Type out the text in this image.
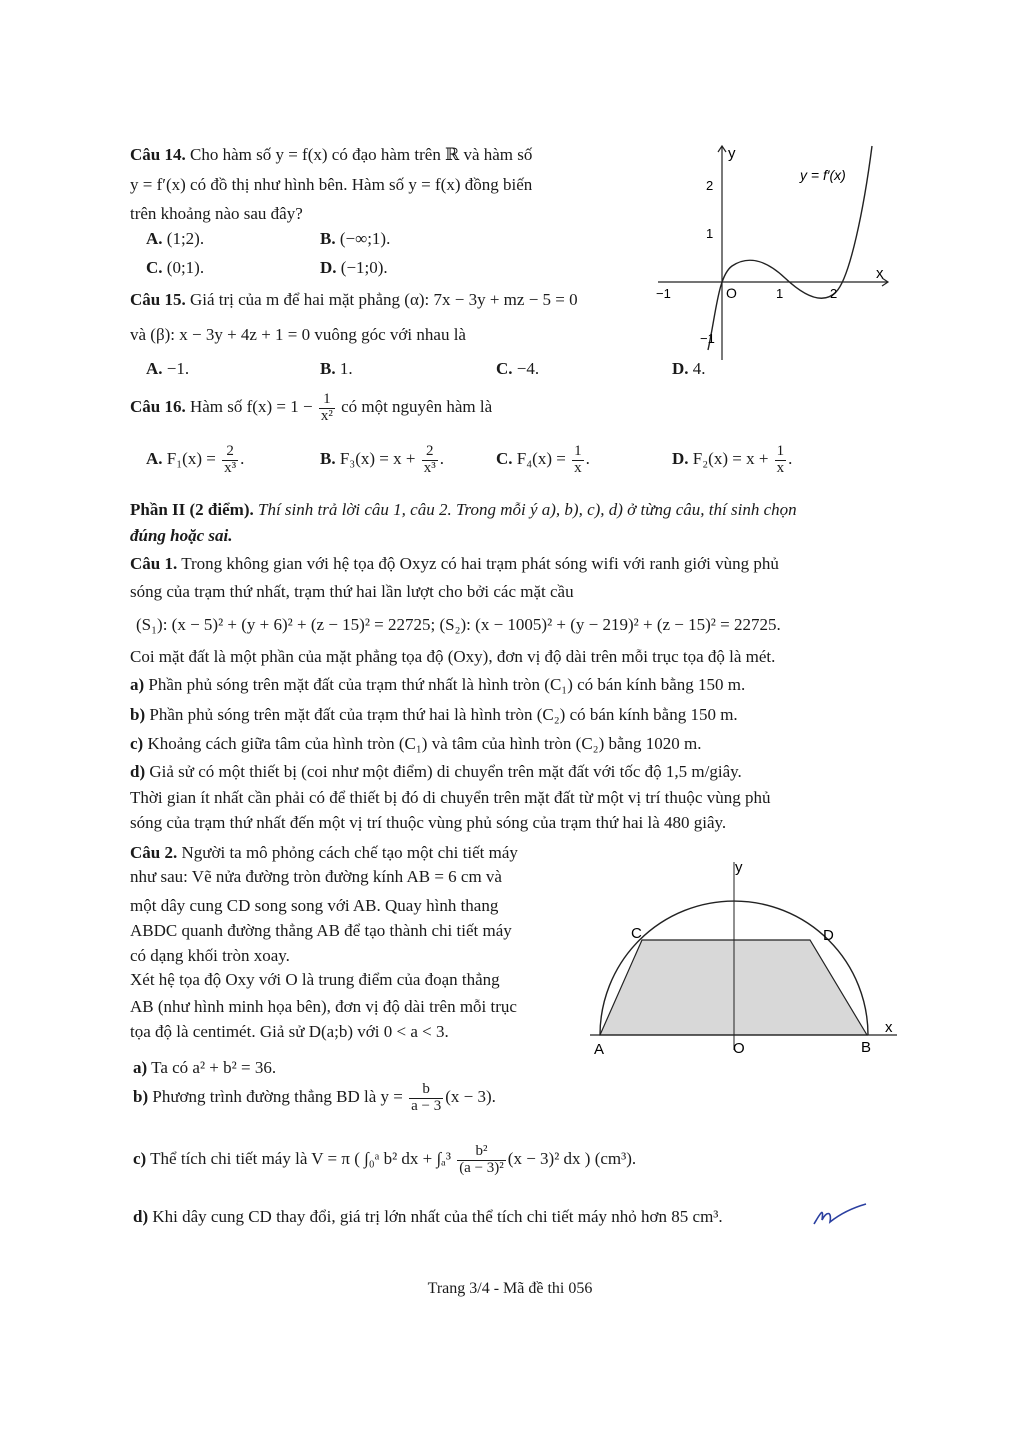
Câu 14. Cho hàm số y = f(x) có đạo hàm trên ℝ và hàm số
y = f′(x) có đồ thị như hình bên. Hàm số y = f(x) đồng biến
trên khoảng nào sau đây?
A. (1;2).	B. (−∞;1).
C. (0;1).	D. (−1;0).
y
x
y = f′(x)
O
2
1
−1	1	2
−1
Câu 15. Giá trị của m để hai mặt phẳng (α): 7x − 3y + mz − 5 = 0
và (β): x − 3y + 4z + 1 = 0 vuông góc với nhau là
A. −1.	B. 1.	C. −4.	D. 4.
Câu 16. Hàm số $f(x) = 1 - \frac{1}{\text{x²}}$ có một nguyên hàm là
A. $F_1(x) = \frac{2}{\text{x³}}$ .	B. $F_3(x) = x + \frac{2}{\text{x³}}$ .	C. $F_4(x) = \frac{1}{x}$ .	D. $F_2(x) = x + \frac{1}{x}$ .
Phần II (2 điểm). Thí sinh trả lời câu 1, câu 2. Trong mỗi ý a), b), c), d) ở từng câu, thí sinh chọn
đúng hoặc sai.
Câu 1. Trong không gian với hệ tọa độ Oxyz có hai trạm phát sóng wifi với ranh giới vùng phủ
sóng của trạm thứ nhất, trạm thứ hai lần lượt cho bởi các mặt cầu
(S₁): (x − 5)² + (y + 6)² + (z − 15)² = 22725; (S₂): (x − 1005)² + (y − 219)² + (z − 15)² = 22725.
Coi mặt đất là một phần của mặt phẳng tọa độ (Oxy), đơn vị độ dài trên mỗi trục tọa độ là mét.
a) Phần phủ sóng trên mặt đất của trạm thứ nhất là hình tròn (C₁) có bán kính bằng 150 m.
b) Phần phủ sóng trên mặt đất của trạm thứ hai là hình tròn (C₂) có bán kính bằng 150 m.
c) Khoảng cách giữa tâm của hình tròn (C₁) và tâm của hình tròn (C₂) bằng 1020 m.
d) Giả sử có một thiết bị (coi như một điểm) di chuyển trên mặt đất với tốc độ 1,5 m/giây.
Thời gian ít nhất cần phải có để thiết bị đó di chuyển trên mặt đất từ một vị trí thuộc vùng phủ
sóng của trạm thứ nhất đến một vị trí thuộc vùng phủ sóng của trạm thứ hai là 480 giây.
Câu 2. Người ta mô phỏng cách chế tạo một chi tiết máy
như sau: Vẽ nửa đường tròn đường kính AB = 6 cm và
một dây cung CD song song với AB. Quay hình thang
ABDC quanh đường thẳng AB để tạo thành chi tiết máy
có dạng khối tròn xoay.
Xét hệ tọa độ Oxy với O là trung điểm của đoạn thẳng
AB (như hình minh họa bên), đơn vị độ dài trên mỗi trục
tọa độ là centimét. Giả sử D(a;b) với 0 < a < 3.
A	B
C	D
O
x
y
a) Ta có a² + b² = 36.
b) Phương trình đường thẳng BD là $y = \frac{b}{a - 3} (x - 3)$.
c) Thể tích chi tiết máy là V = π ( ∫₀ᵃ b² dx + $\int_a^3 \frac{\text{b²}}{\text{(a − 3)²}} (x - 3)^2$ dx ) (cm³).
d) Khi dây cung CD thay đổi, giá trị lớn nhất của thể tích chi tiết máy nhỏ hơn 85 cm³.
Trang 3/4 - Mã đề thi 056
